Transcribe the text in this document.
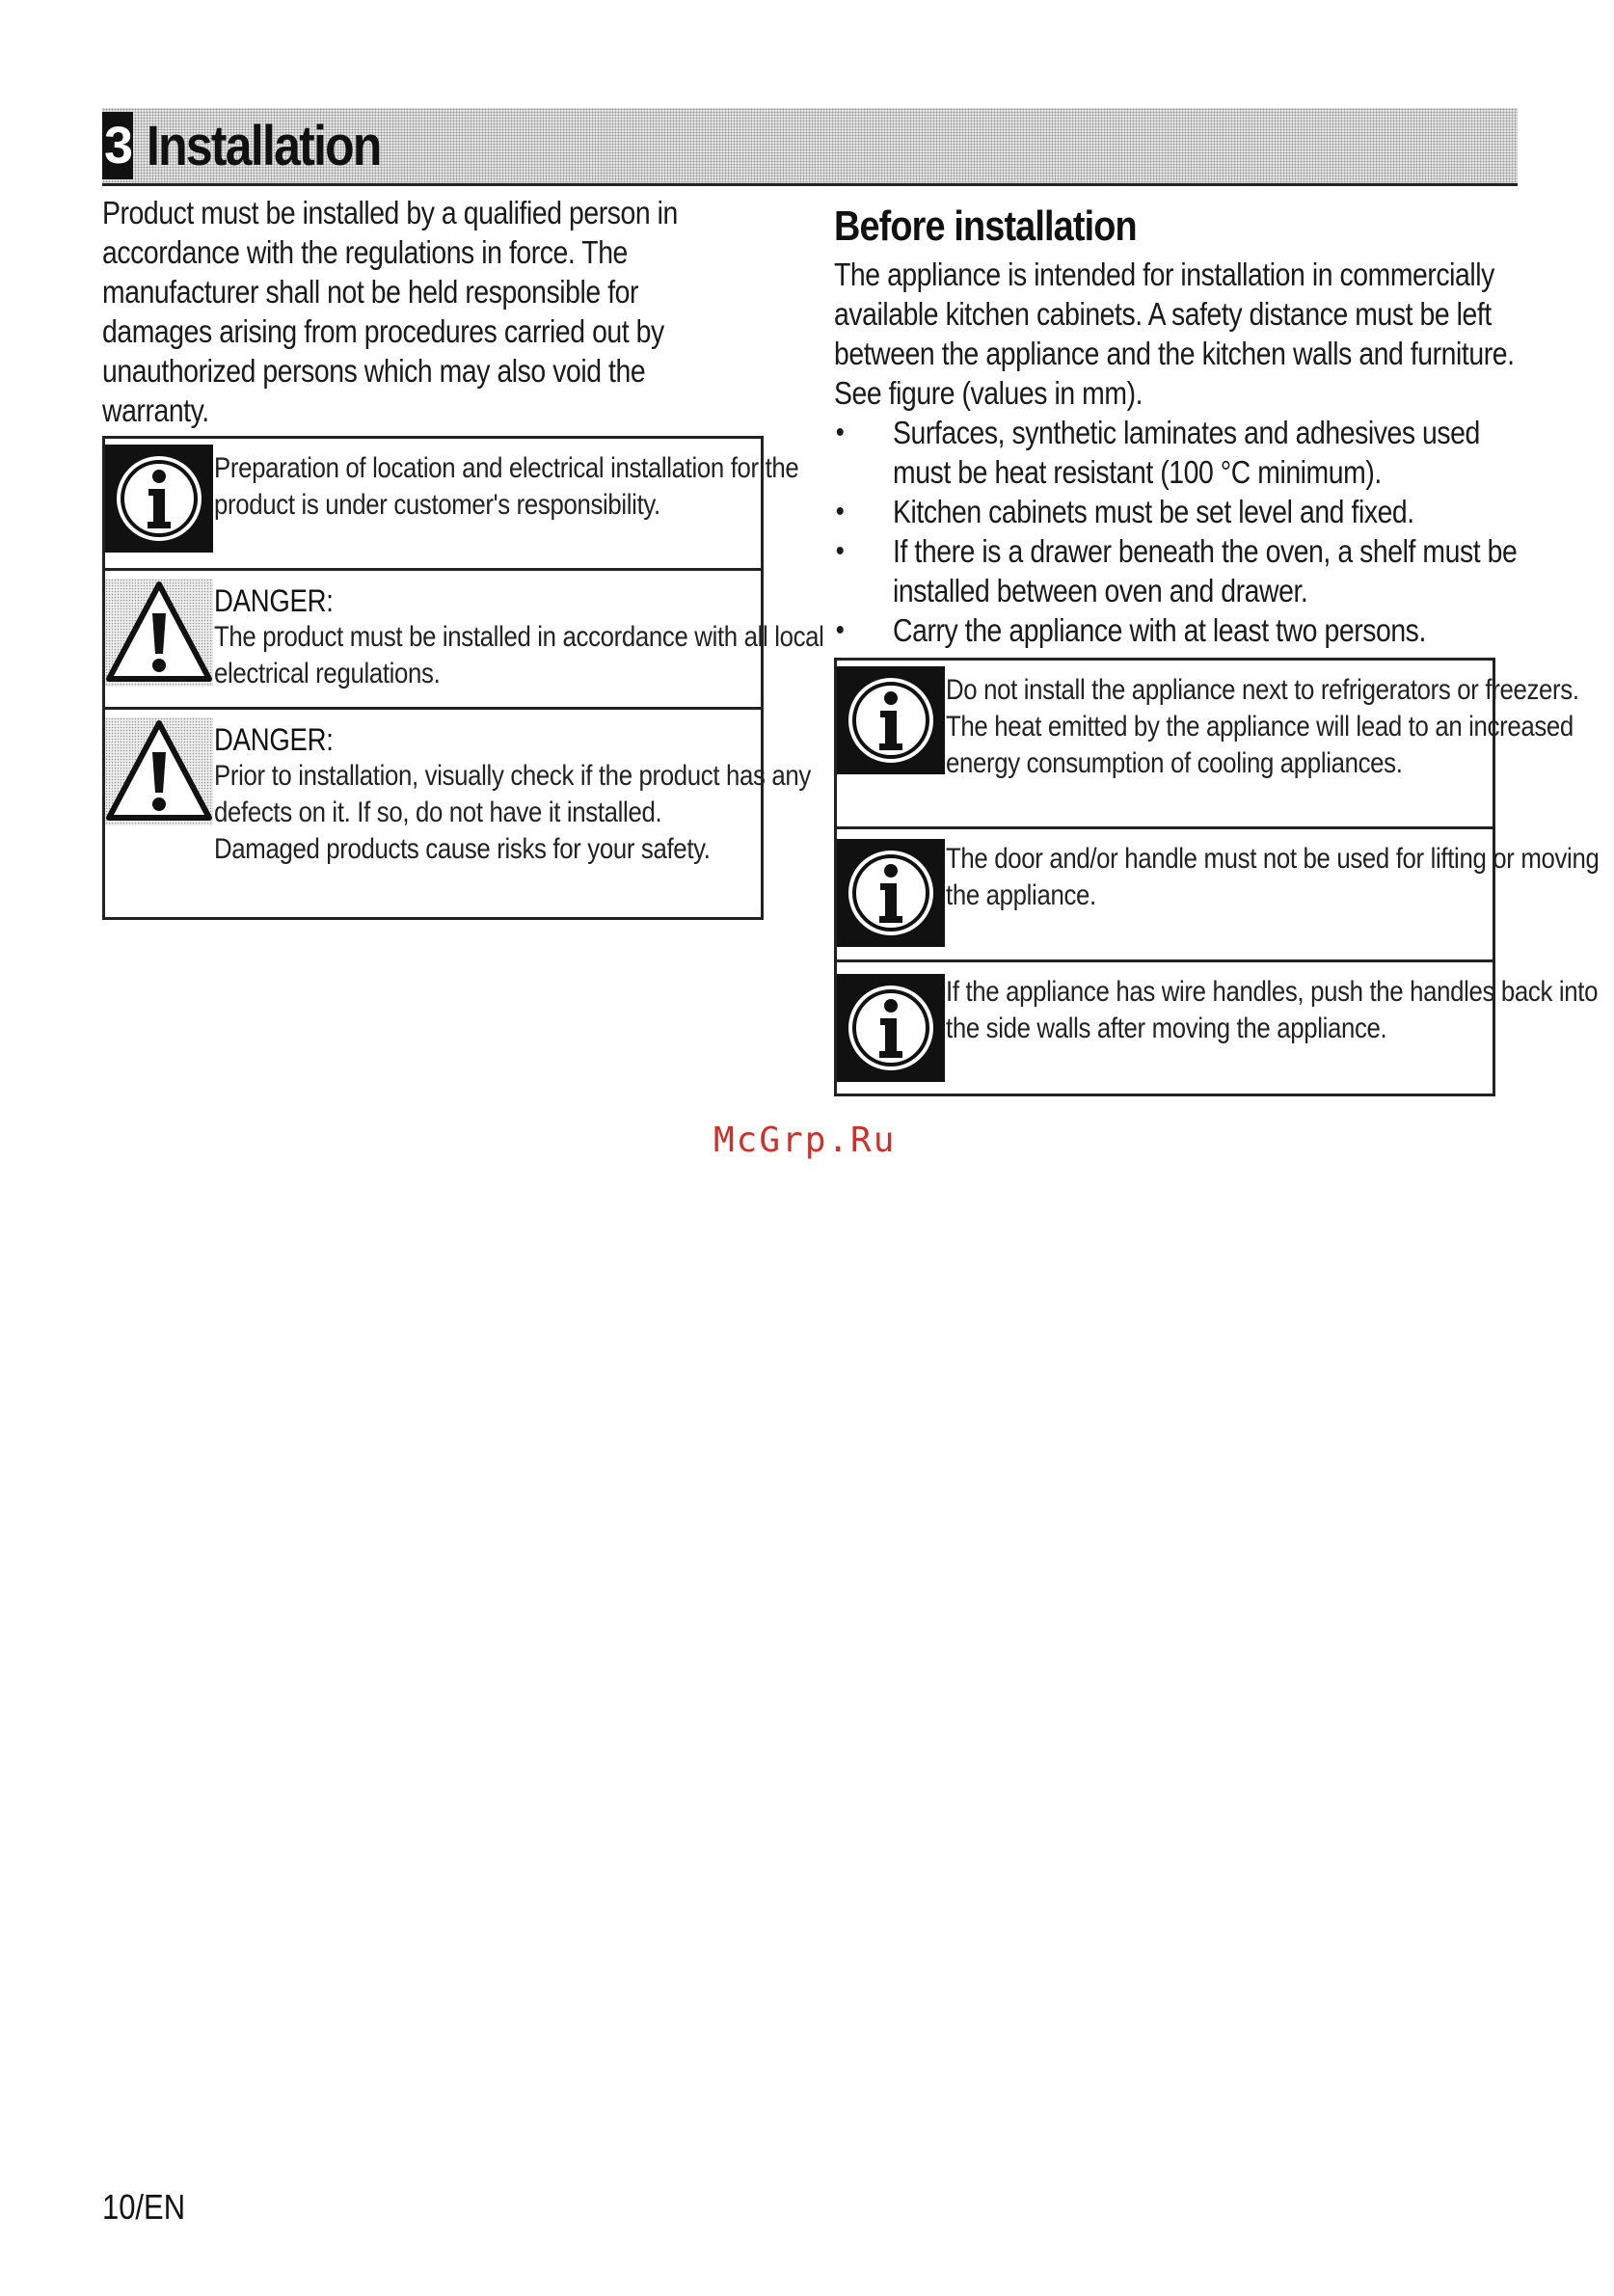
3 Installation
Product must be installed by a qualified person in accordance with the regulations in force. The manufacturer shall not be held responsible for damages arising from procedures carried out by unauthorized persons which may also void the warranty.
Preparation of location and electrical installation for the product is under customer's responsibility.
DANGER:
The product must be installed in accordance with all local electrical regulations.
DANGER:
Prior to installation, visually check if the product has any defects on it. If so, do not have it installed.
Damaged products cause risks for your safety.
Before installation
The appliance is intended for installation in commercially available kitchen cabinets. A safety distance must be left between the appliance and the kitchen walls and furniture. See figure (values in mm).
• Surfaces, synthetic laminates and adhesives used must be heat resistant (100 °C minimum).
• Kitchen cabinets must be set level and fixed.
• If there is a drawer beneath the oven, a shelf must be installed between oven and drawer.
• Carry the appliance with at least two persons.
Do not install the appliance next to refrigerators or freezers. The heat emitted by the appliance will lead to an increased energy consumption of cooling appliances.
The door and/or handle must not be used for lifting or moving the appliance.
If the appliance has wire handles, push the handles back into the side walls after moving the appliance.
McGrp.Ru
10/EN
